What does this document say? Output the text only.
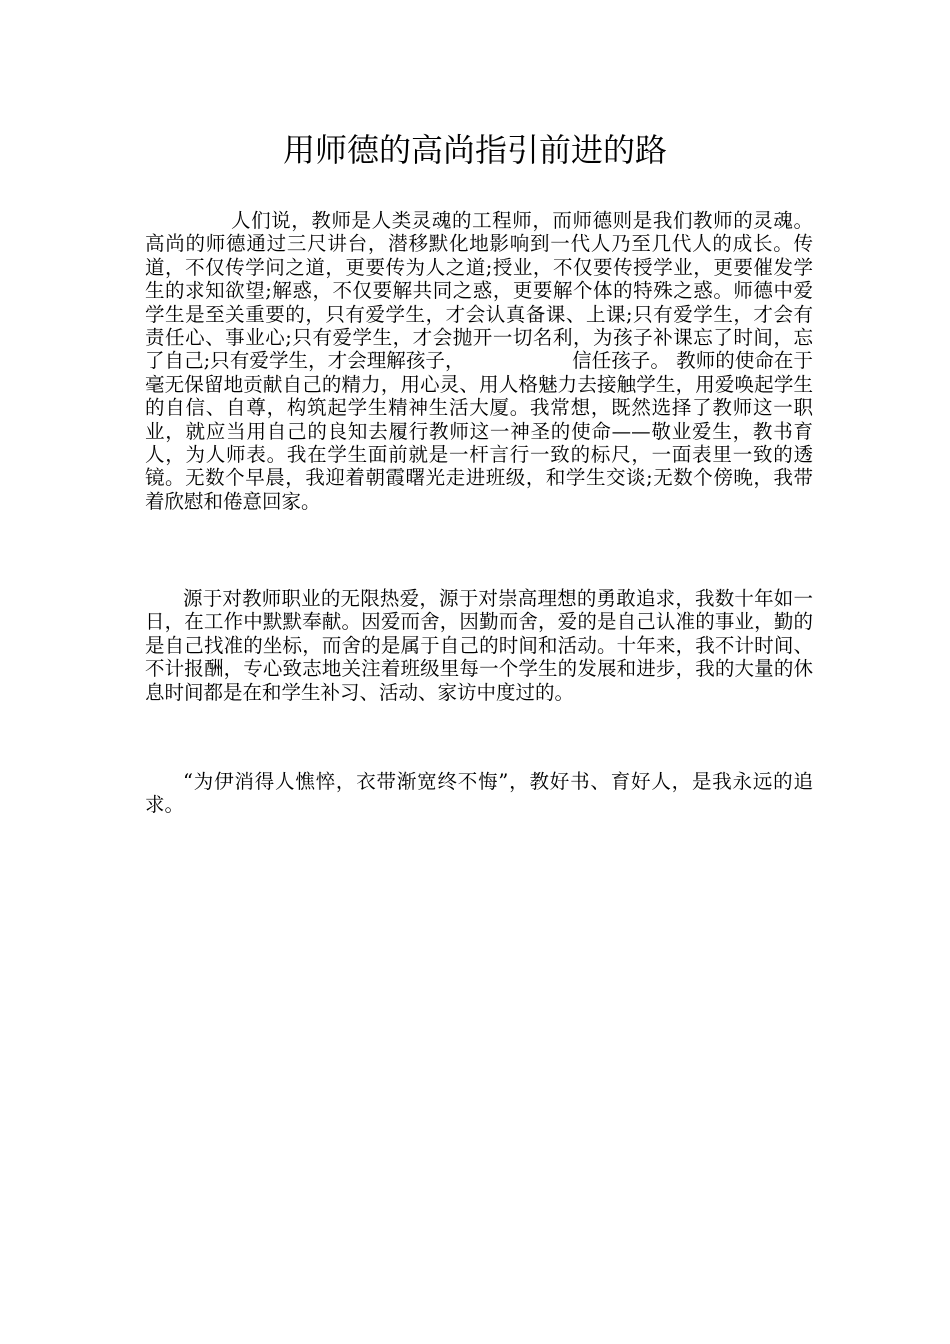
用师德的高尚指引前进的路

人们说，教师是人类灵魂的工程师，而师德则是我们教师的灵魂。高尚的师德通过三尺讲台，潜移默化地影响到一代人乃至几代人的成长。传道，不仅传学问之道，更要传为人之道;授业，不仅要传授学业，更要催发学生的求知欲望;解惑，不仅要解共同之惑，更要解个体的特殊之惑。师德中爱学生是至关重要的，只有爱学生，才会认真备课、上课;只有爱学生，才会有责任心、事业心;只有爱学生，才会抛开一切名利，为孩子补课忘了时间，忘了自己;只有爱学生，才会理解孩子，　　　　　　信任孩子。 教师的使命在于毫无保留地贡献自己的精力，用心灵、用人格魅力去接触学生，用爱唤起学生的自信、自尊，构筑起学生精神生活大厦。我常想，既然选择了教师这一职业，就应当用自己的良知去履行教师这一神圣的使命——敬业爱生，教书育人，为人师表。我在学生面前就是一杆言行一致的标尺，一面表里一致的透镜。无数个早晨，我迎着朝霞曙光走进班级，和学生交谈;无数个傍晚，我带着欣慰和倦意回家。

源于对教师职业的无限热爱，源于对崇高理想的勇敢追求，我数十年如一日，在工作中默默奉献。因爱而舍，因勤而舍，爱的是自己认准的事业，勤的是自己找准的坐标，而舍的是属于自己的时间和活动。十年来，我不计时间、不计报酬，专心致志地关注着班级里每一个学生的发展和进步，我的大量的休息时间都是在和学生补习、活动、家访中度过的。

“为伊消得人憔悴，衣带渐宽终不悔”，教好书、育好人，是我永远的追求。
